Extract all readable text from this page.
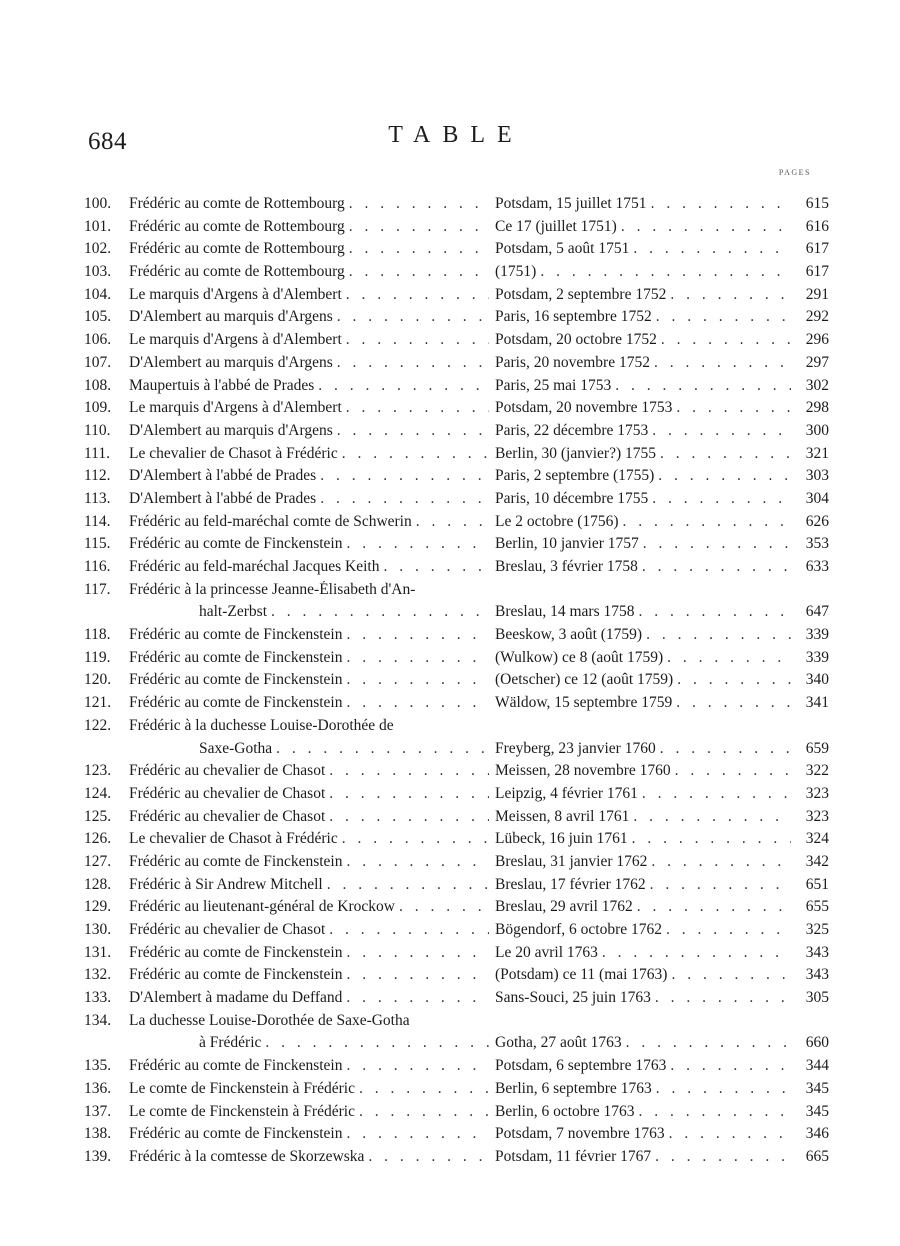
684	TABLE
PAGES
100.	Frédéric au comte de Rottembourg . . .	Potsdam, 15 juillet 1751 . . .	615
101.	Frédéric au comte de Rottembourg . . .	Ce 17 (juillet 1751) . . .	616
102.	Frédéric au comte de Rottembourg . . .	Potsdam, 5 août 1751 . . .	617
103.	Frédéric au comte de Rottembourg . . .	(1751) . . .	617
104.	Le marquis d'Argens à d'Alembert . . .	Potsdam, 2 septembre 1752 . . .	291
105.	D'Alembert au marquis d'Argens . . .	Paris, 16 septembre 1752 . . .	292
106.	Le marquis d'Argens à d'Alembert . . .	Potsdam, 20 octobre 1752 . . .	296
107.	D'Alembert au marquis d'Argens . . .	Paris, 20 novembre 1752 . . .	297
108.	Maupertuis à l'abbé de Prades . . .	Paris, 25 mai 1753 . . .	302
109.	Le marquis d'Argens à d'Alembert . . .	Potsdam, 20 novembre 1753 . . .	298
110.	D'Alembert au marquis d'Argens . . .	Paris, 22 décembre 1753 . . .	300
111.	Le chevalier de Chasot à Frédéric . . .	Berlin, 30 (janvier?) 1755 . . .	321
112.	D'Alembert à l'abbé de Prades . . .	Paris, 2 septembre (1755) . . .	303
113.	D'Alembert à l'abbé de Prades . . .	Paris, 10 décembre 1755 . . .	304
114.	Frédéric au feld-maréchal comte de Schwerin . . .	Le 2 octobre (1756) . . .	626
115.	Frédéric au comte de Finckenstein . . .	Berlin, 10 janvier 1757 . . .	353
116.	Frédéric au feld-maréchal Jacques Keith . . .	Breslau, 3 février 1758 . . .	633
117.	Frédéric à la princesse Jeanne-Élisabeth d'An-
halt-Zerbst . . .	Breslau, 14 mars 1758 . . .	647
118.	Frédéric au comte de Finckenstein . . .	Beeskow, 3 août (1759) . . .	339
119.	Frédéric au comte de Finckenstein . . .	(Wulkow) ce 8 (août 1759) . . .	339
120.	Frédéric au comte de Finckenstein . . .	(Oetscher) ce 12 (août 1759) . . .	340
121.	Frédéric au comte de Finckenstein . . .	Wäldow, 15 septembre 1759 . . .	341
122.	Frédéric à la duchesse Louise-Dorothée de
Saxe-Gotha . . .	Freyberg, 23 janvier 1760 . . .	659
123.	Frédéric au chevalier de Chasot . . .	Meissen, 28 novembre 1760 . . .	322
124.	Frédéric au chevalier de Chasot . . .	Leipzig, 4 février 1761 . . .	323
125.	Frédéric au chevalier de Chasot . . .	Meissen, 8 avril 1761 . . .	323
126.	Le chevalier de Chasot à Frédéric . . .	Lübeck, 16 juin 1761 . . .	324
127.	Frédéric au comte de Finckenstein . . .	Breslau, 31 janvier 1762 . . .	342
128.	Frédéric à Sir Andrew Mitchell . . .	Breslau, 17 février 1762 . . .	651
129.	Frédéric au lieutenant-général de Krockow . . .	Breslau, 29 avril 1762 . . .	655
130.	Frédéric au chevalier de Chasot . . .	Bögendorf, 6 octobre 1762 . . .	325
131.	Frédéric au comte de Finckenstein . . .	Le 20 avril 1763 . . .	343
132.	Frédéric au comte de Finckenstein . . .	(Potsdam) ce 11 (mai 1763) . . .	343
133.	D'Alembert à madame du Deffand . . .	Sans-Souci, 25 juin 1763 . . .	305
134.	La duchesse Louise-Dorothée de Saxe-Gotha
à Frédéric . . .	Gotha, 27 août 1763 . . .	660
135.	Frédéric au comte de Finckenstein . . .	Potsdam, 6 septembre 1763 . . .	344
136.	Le comte de Finckenstein à Frédéric . . .	Berlin, 6 septembre 1763 . . .	345
137.	Le comte de Finckenstein à Frédéric . . .	Berlin, 6 octobre 1763 . . .	345
138.	Frédéric au comte de Finckenstein . . .	Potsdam, 7 novembre 1763 . . .	346
139.	Frédéric à la comtesse de Skorzewska . . .	Potsdam, 11 février 1767 . . .	665
